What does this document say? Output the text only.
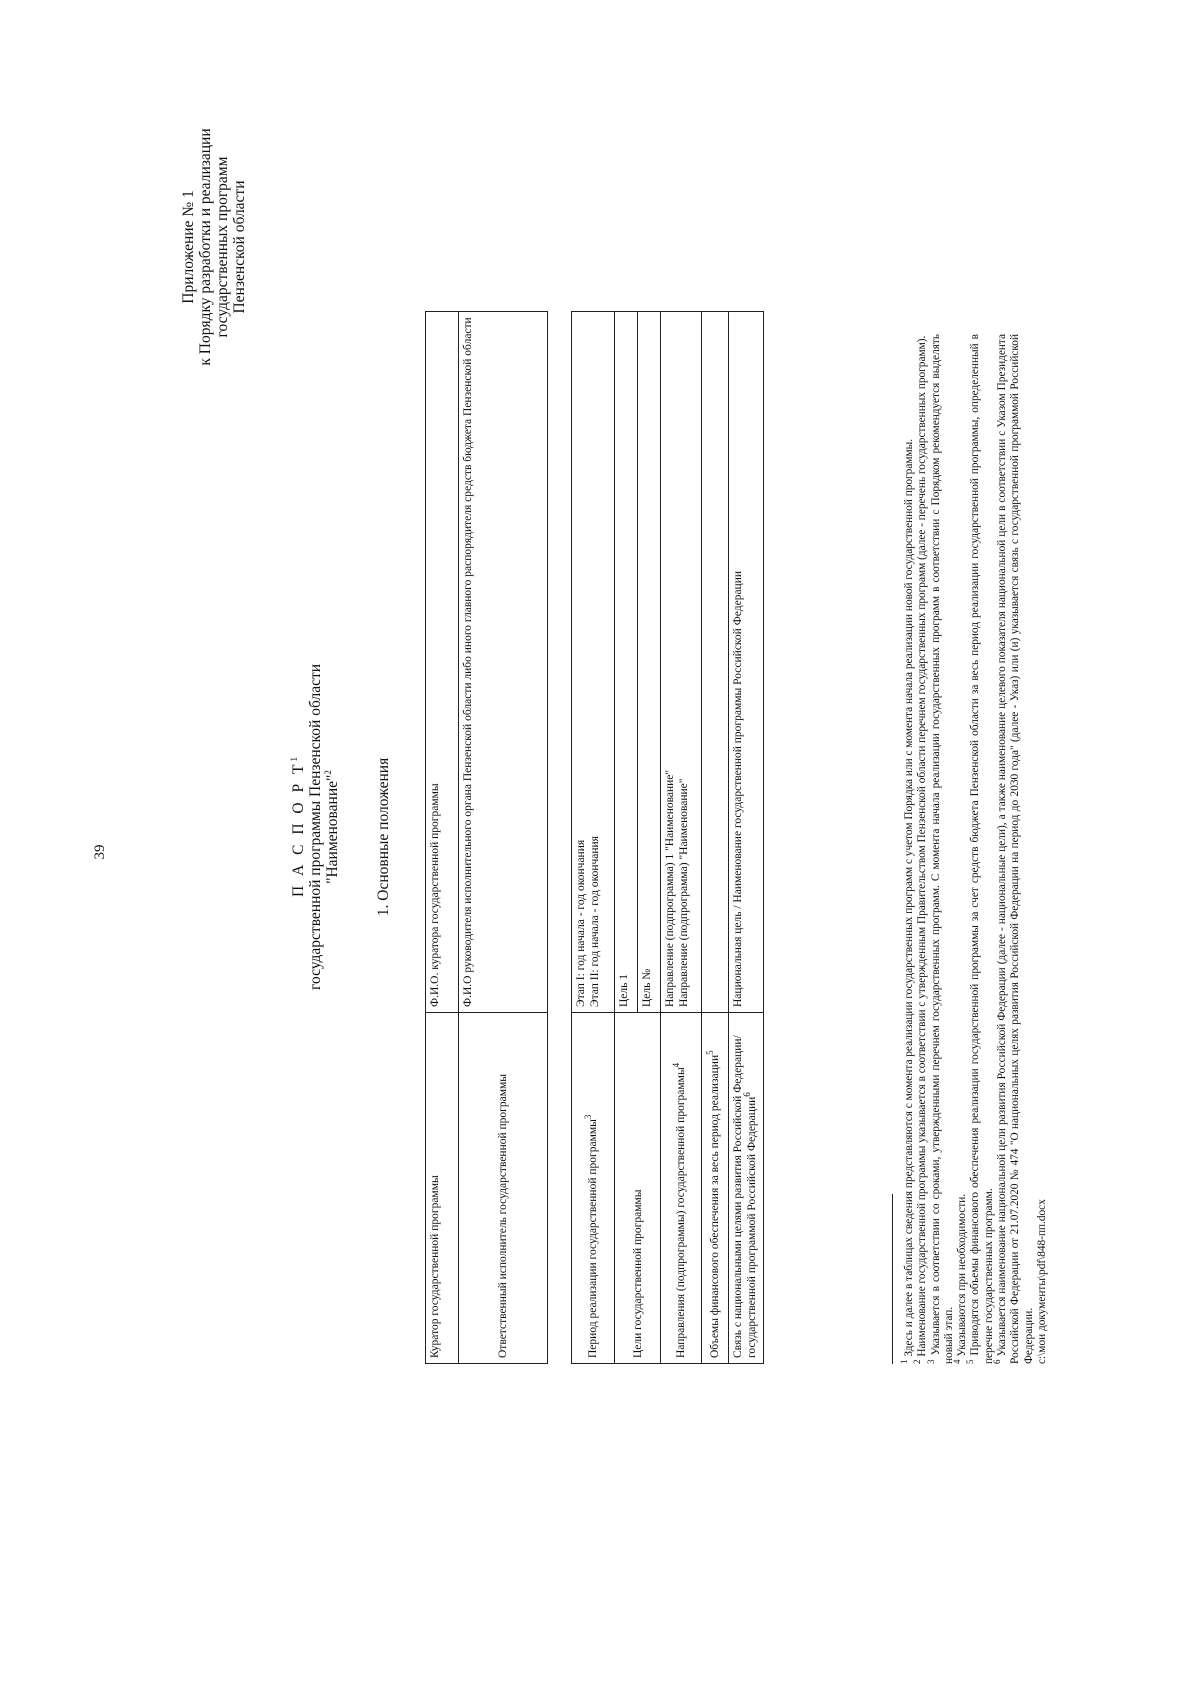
39
Приложение № 1 к Порядку разработки и реализации государственных программ Пензенской области
П А С П О Р $Т^1$ государственной программы Пензенской области "Наименование"$^2$	1. Основные положения
Куратор государственной программы	Ф.И.О. куратора государственной программы
Ответственный исполнитель государственной программы	Ф.И.О руководителя исполнительного органа Пензенской области либо иного главного распорядителя средств бюджета Пензенской области
Период реализации государственной программы$^3$	Этап I: год начала - год окончания Этап II: год начала - год окончания

Цели государственной программы	Цель 1
	Цель №
Направления (подпрограммы) государственной программы$^4$	Направление (подпрограмма) 1 "Наименование" Направление (подпрограмма) "Наименование"

Объемы финансового обеспечения за весь период реализации$^5$	
Связь с национальными целями развития Российской Федерации/ государственной программой Российской Федерации$^6$	Национальная цель / Наименование государственной программы Российской Федерации

$^1$ Здесь и далее в таблицах сведения представляются с момента реализации государственных программ с учетом Порядка или с момента начала реализации новой государственной программы.

$^2$ Наименование государственной программы указывается в соответствии с утвержденным Правительством Пензенской области перечнем государственных программ (далее - перечень государственных программ).

$^3$ Указывается в соответствии со сроками, утвержденными перечнем государственных программ. С момента начала реализации государственных программ в соответствии с Порядком рекомендуется выделять новый этап.

$^4$ Указываются при необходимости.

$^5$ Приводятся объемы финансового обеспечения реализации государственной программы за счет средств бюджета Пензенской области за весь период реализации государственной программы, определенный в перечне государственных программ.

$^6$ Указывается наименование национальной цели развития Российской Федерации (далее - национальные цели), а также наименование целевого показателя национальной цели в соответствии с Указом Президента Российской Федерации от 21.07.2020 № 474 "О национальных целях развития Российской Федерации на период до 2030 года" (далее - Указ) или (и) указывается связь с государственной программой Российской Федерации. c:\мои документы\pdf\848-пп.docx
